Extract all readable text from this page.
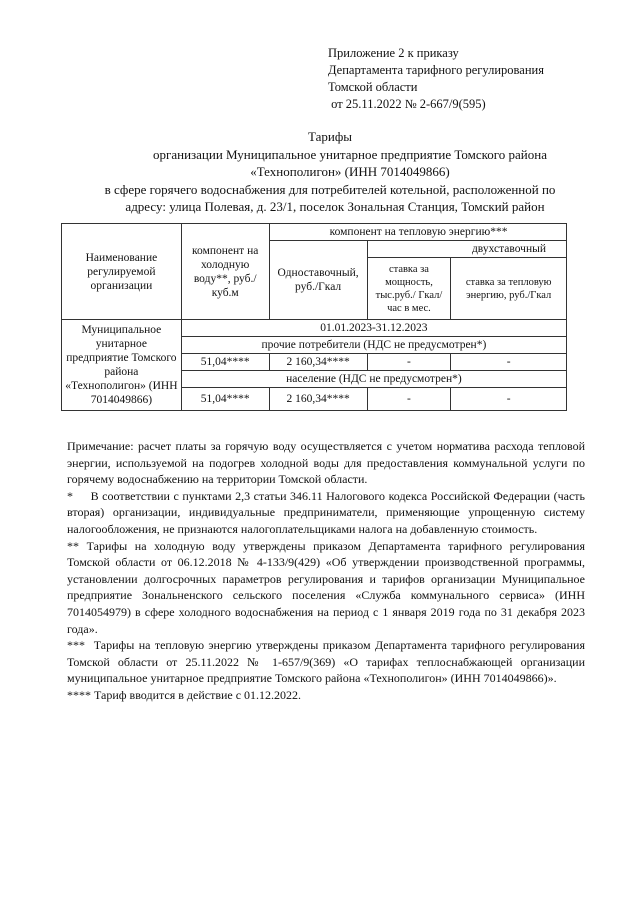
Приложение 2 к приказу
Департамента тарифного регулирования
Томской области
от 25.11.2022 № 2-667/9(595)
Тарифы
организации Муниципальное унитарное предприятие Томского района
«Технополигон» (ИНН 7014049866)
в сфере горячего водоснабжения для потребителей котельной, расположенной по
адресу: улица Полевая, д. 23/1, поселок Зональная Станция, Томский район
Наименование регулируемой организации	компонент на холодную воду**, руб./куб.м	компонент на тепловую энергию***		
		Одноставочный, руб./Гкал	двухставочный	
			ставка за мощность, тыс.руб./ Гкал/час в мес.	ставка за тепловую энергию, руб./Гкал
Муниципальное унитарное предприятие Томского района «Технополигон» (ИНН 7014049866)	01.01.2023-31.12.2023			
	прочие потребители (НДС не предусмотрен*)			
	51,04****	2 160,34****	-	-
	население (НДС не предусмотрен*)			
	51,04****	2 160,34****	-	-

Примечание: расчет платы за горячую воду осуществляется с учетом норматива расхода тепловой энергии, используемой на подогрев холодной воды для предоставления коммунальной услуги по горячему водоснабжению на территории Томской области.

*     В соответствии с пунктами 2,3 статьи 346.11 Налогового кодекса Российской Федерации (часть вторая) организации, индивидуальные предприниматели, применяющие упрощенную систему налогообложения, не признаются налогоплательщиками налога на добавленную стоимость.

** Тарифы на холодную воду утверждены приказом Департамента тарифного регулирования Томской области от 06.12.2018 № 4-133/9(429) «Об утверждении производственной программы, установлении долгосрочных параметров регулирования и тарифов организации Муниципальное предприятие Зональненского сельского поселения «Служба коммунального сервиса» (ИНН 7014054979) в сфере холодного водоснабжения на период с 1 января 2019 года по 31 декабря 2023 года».

***  Тарифы на тепловую энергию утверждены приказом Департамента тарифного регулирования Томской области от 25.11.2022 № 1-657/9(369) «О тарифах теплоснабжающей организации муниципальное унитарное предприятие Томского района «Технополигон» (ИНН 7014049866)».

**** Тариф вводится в действие с 01.12.2022.
